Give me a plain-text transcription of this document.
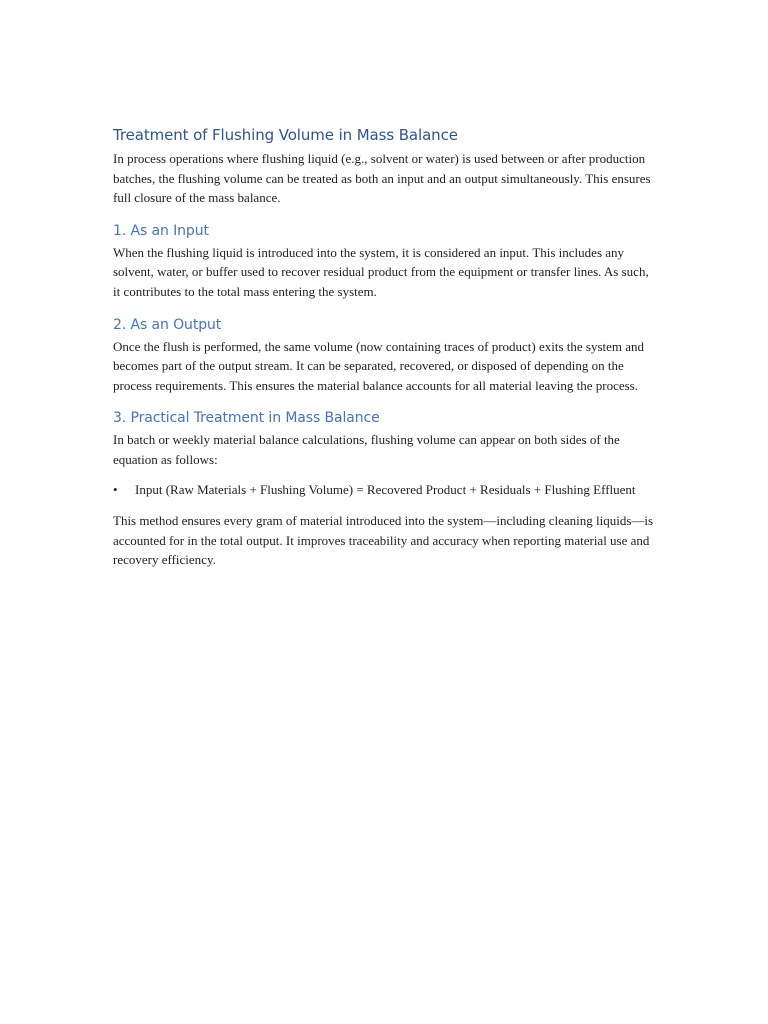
Treatment of Flushing Volume in Mass Balance

In process operations where flushing liquid (e.g., solvent or water) is used between or after production batches, the flushing volume can be treated as both an input and an output simultaneously. This ensures full closure of the mass balance.

1. As an Input

When the flushing liquid is introduced into the system, it is considered an input. This includes any solvent, water, or buffer used to recover residual product from the equipment or transfer lines. As such, it contributes to the total mass entering the system.

2. As an Output

Once the flush is performed, the same volume (now containing traces of product) exits the system and becomes part of the output stream. It can be separated, recovered, or disposed of depending on the process requirements. This ensures the material balance accounts for all material leaving the process.

3. Practical Treatment in Mass Balance

In batch or weekly material balance calculations, flushing volume can appear on both sides of the equation as follows:

•	Input (Raw Materials + Flushing Volume) = Recovered Product + Residuals + Flushing Effluent

This method ensures every gram of material introduced into the system—including cleaning liquids—is accounted for in the total output. It improves traceability and accuracy when reporting material use and recovery efficiency.
